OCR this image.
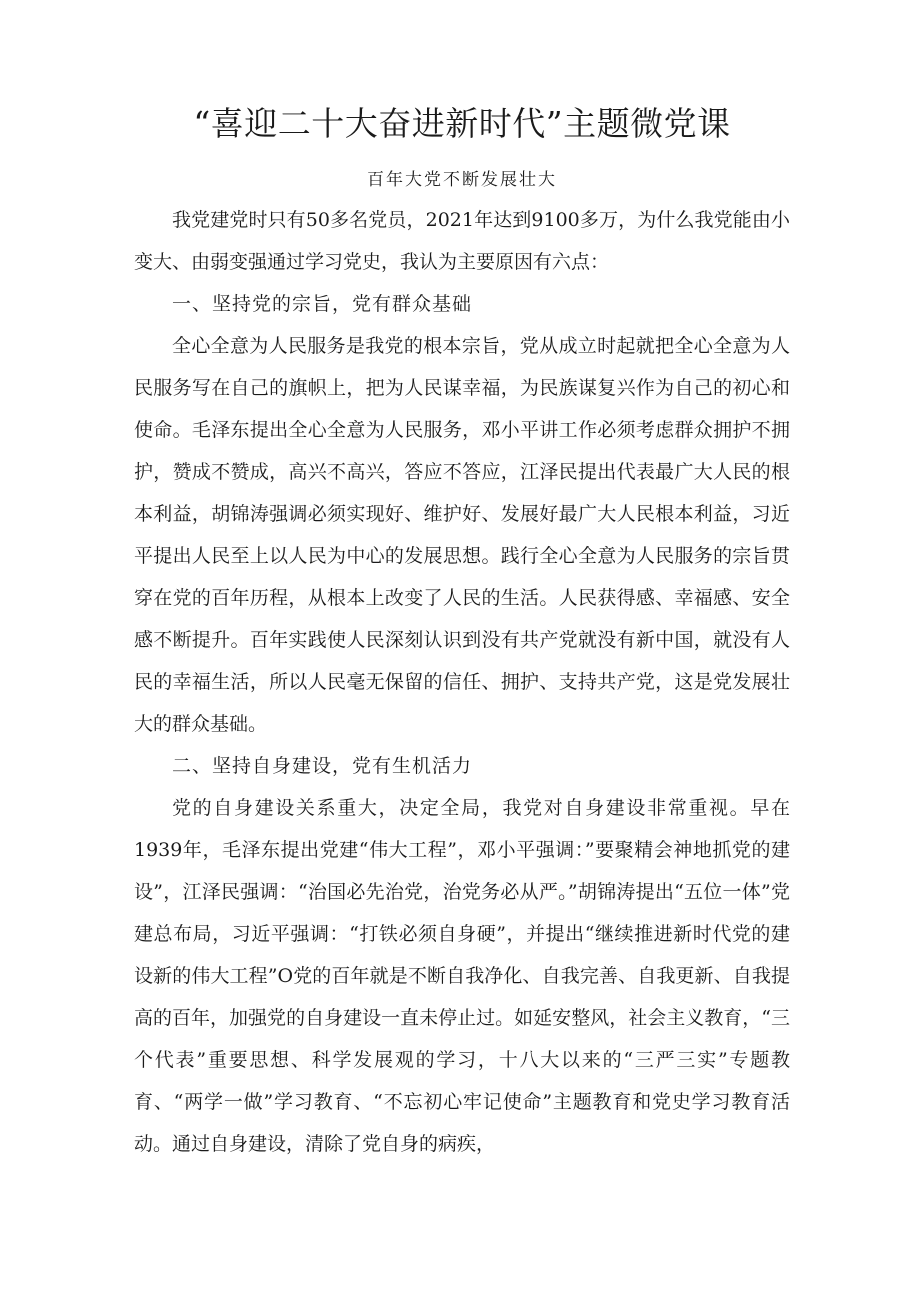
“喜迎二十大奋进新时代”主题微党课
百年大党不断发展壮大

我党建党时只有50多名党员，2021年达到9100多万，为什么我党能由小变大、由弱变强通过学习党史，我认为主要原因有六点：

一、坚持党的宗旨，党有群众基础

全心全意为人民服务是我党的根本宗旨，党从成立时起就把全心全意为人民服务写在自己的旗帜上，把为人民谋幸福，为民族谋复兴作为自己的初心和使命。毛泽东提出全心全意为人民服务，邓小平讲工作必须考虑群众拥护不拥护，赞成不赞成，高兴不高兴，答应不答应，江泽民提出代表最广大人民的根本利益，胡锦涛强调必须实现好、维护好、发展好最广大人民根本利益，习近平提出人民至上以人民为中心的发展思想。践行全心全意为人民服务的宗旨贯穿在党的百年历程，从根本上改变了人民的生活。人民获得感、幸福感、安全感不断提升。百年实践使人民深刻认识到没有共产党就没有新中国，就没有人民的幸福生活，所以人民毫无保留的信任、拥护、支持共产党，这是党发展壮大的群众基础。

二、坚持自身建设，党有生机活力

党的自身建设关系重大，决定全局，我党对自身建设非常重视。早在1939年，毛泽东提出党建“伟大工程”，邓小平强调：”要聚精会神地抓党的建设”，江泽民强调：“治国必先治党，治党务必从严。”胡锦涛提出“五位一体”党建总布局，习近平强调：“打铁必须自身硬”，并提出“继续推进新时代党的建设新的伟大工程”O党的百年就是不断自我净化、自我完善、自我更新、自我提高的百年，加强党的自身建设一直未停止过。如延安整风，社会主义教育，“三个代表”重要思想、科学发展观的学习，十八大以来的“三严三实”专题教育、“两学一做”学习教育、“不忘初心牢记使命”主题教育和党史学习教育活动。通过自身建设，清除了党自身的病疾，
